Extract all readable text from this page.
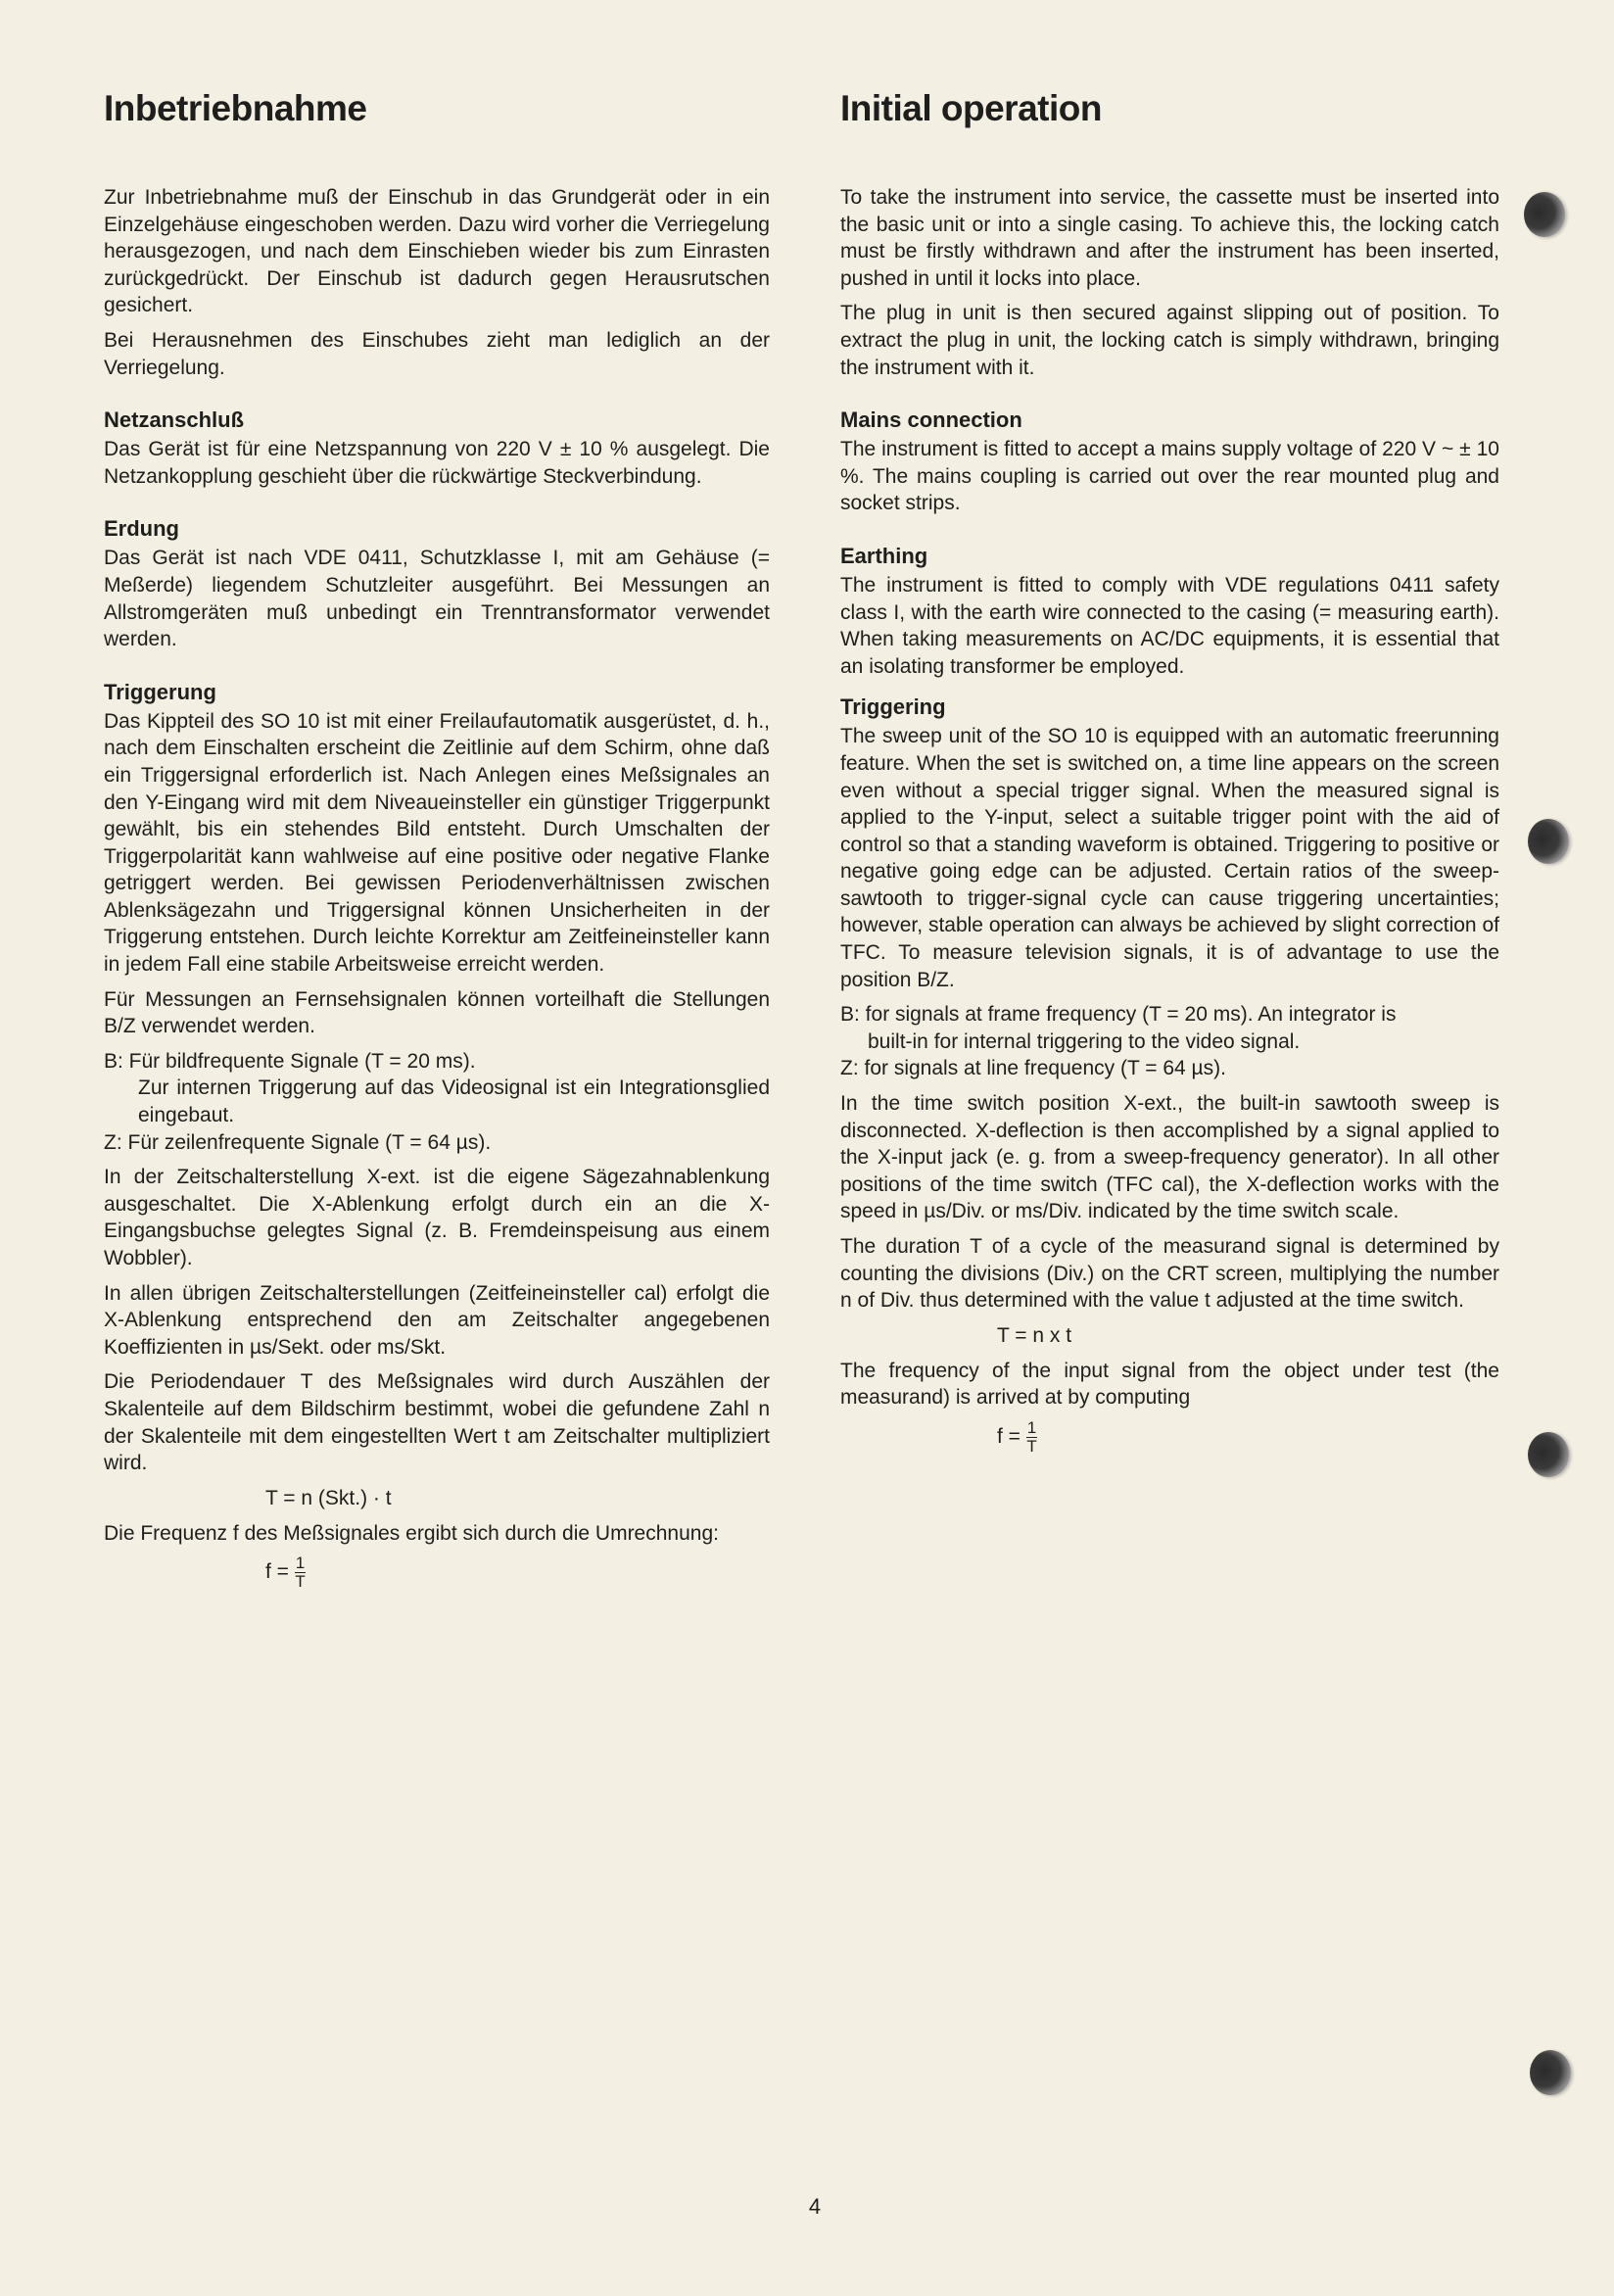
Inbetriebnahme

Zur Inbetriebnahme muß der Einschub in das Grundgerät oder in ein Einzelgehäuse eingeschoben werden. Dazu wird vorher die Verriegelung herausgezogen, und nach dem Einschieben wieder bis zum Einrasten zurückgedrückt. Der Einschub ist dadurch gegen Herausrutschen gesichert.

Bei Herausnehmen des Einschubes zieht man lediglich an der Verriegelung.

Netzanschluß

Das Gerät ist für eine Netzspannung von 220 V ± 10 % ausgelegt. Die Netzankopplung geschieht über die rückwärtige Steckverbindung.

Erdung

Das Gerät ist nach VDE 0411, Schutzklasse I, mit am Gehäuse (= Meßerde) liegendem Schutzleiter ausgeführt. Bei Messungen an Allstromgeräten muß unbedingt ein Trenntransformator verwendet werden.

Triggerung

Das Kippteil des SO 10 ist mit einer Freilaufautomatik ausgerüstet, d. h., nach dem Einschalten erscheint die Zeitlinie auf dem Schirm, ohne daß ein Triggersignal erforderlich ist. Nach Anlegen eines Meßsignales an den Y-Eingang wird mit dem Niveaueinsteller ein günstiger Triggerpunkt gewählt, bis ein stehendes Bild entsteht. Durch Umschalten der Triggerpolarität kann wahlweise auf eine positive oder negative Flanke getriggert werden. Bei gewissen Periodenverhältnissen zwischen Ablenksägezahn und Triggersignal können Unsicherheiten in der Triggerung entstehen. Durch leichte Korrektur am Zeitfeineinsteller kann in jedem Fall eine stabile Arbeitsweise erreicht werden.

Für Messungen an Fernsehsignalen können vorteilhaft die Stellungen B/Z verwendet werden.

B: Für bildfrequente Signale (T = 20 ms).

Zur internen Triggerung auf das Videosignal ist ein Integrationsglied eingebaut.

Z: Für zeilenfrequente Signale (T = 64 µs).

In der Zeitschalterstellung X-ext. ist die eigene Sägezahnablenkung ausgeschaltet. Die X-Ablenkung erfolgt durch ein an die X-Eingangsbuchse gelegtes Signal (z. B. Fremdeinspeisung aus einem Wobbler).

In allen übrigen Zeitschalterstellungen (Zeitfeineinsteller cal) erfolgt die X-Ablenkung entsprechend den am Zeitschalter angegebenen Koeffizienten in µs/Sekt. oder ms/Skt.

Die Periodendauer T des Meßsignales wird durch Auszählen der Skalenteile auf dem Bildschirm bestimmt, wobei die gefundene Zahl n der Skalenteile mit dem eingestellten Wert t am Zeitschalter multipliziert wird.

T = n (Skt.) · t

Die Frequenz f des Meßsignales ergibt sich durch die Umrechnung:

$f = \frac{1}{T}$
Initial operation

To take the instrument into service, the cassette must be inserted into the basic unit or into a single casing. To achieve this, the locking catch must be firstly withdrawn and after the instrument has been inserted, pushed in until it locks into place.

The plug in unit is then secured against slipping out of position. To extract the plug in unit, the locking catch is simply withdrawn, bringing the instrument with it.

Mains connection

The instrument is fitted to accept a mains supply voltage of 220 V ~ ± 10 %. The mains coupling is carried out over the rear mounted plug and socket strips.

Earthing

The instrument is fitted to comply with VDE regulations 0411 safety class I, with the earth wire connected to the casing (= measuring earth). When taking measurements on AC/DC equipments, it is essential that an isolating transformer be employed.

Triggering

The sweep unit of the SO 10 is equipped with an automatic freerunning feature. When the set is switched on, a time line appears on the screen even without a special trigger signal. When the measured signal is applied to the Y-input, select a suitable trigger point with the aid of control so that a standing waveform is obtained. Triggering to positive or negative going edge can be adjusted. Certain ratios of the sweep-sawtooth to trigger-signal cycle can cause triggering uncertainties; however, stable operation can always be achieved by slight correction of TFC. To measure television signals, it is of advantage to use the position B/Z.

B: for signals at frame frequency (T = 20 ms). An integrator is

built-in for internal triggering to the video signal.

Z: for signals at line frequency (T = 64 µs).

In the time switch position X-ext., the built-in sawtooth sweep is disconnected. X-deflection is then accomplished by a signal applied to the X-input jack (e. g. from a sweep-frequency generator). In all other positions of the time switch (TFC cal), the X-deflection works with the speed in µs/Div. or ms/Div. indicated by the time switch scale.

The duration T of a cycle of the measurand signal is determined by counting the divisions (Div.) on the CRT screen, multiplying the number n of Div. thus determined with the value t adjusted at the time switch.

T = n x t

The frequency of the input signal from the object under test (the measurand) is arrived at by computing

$f = \frac{1}{T}$
4
